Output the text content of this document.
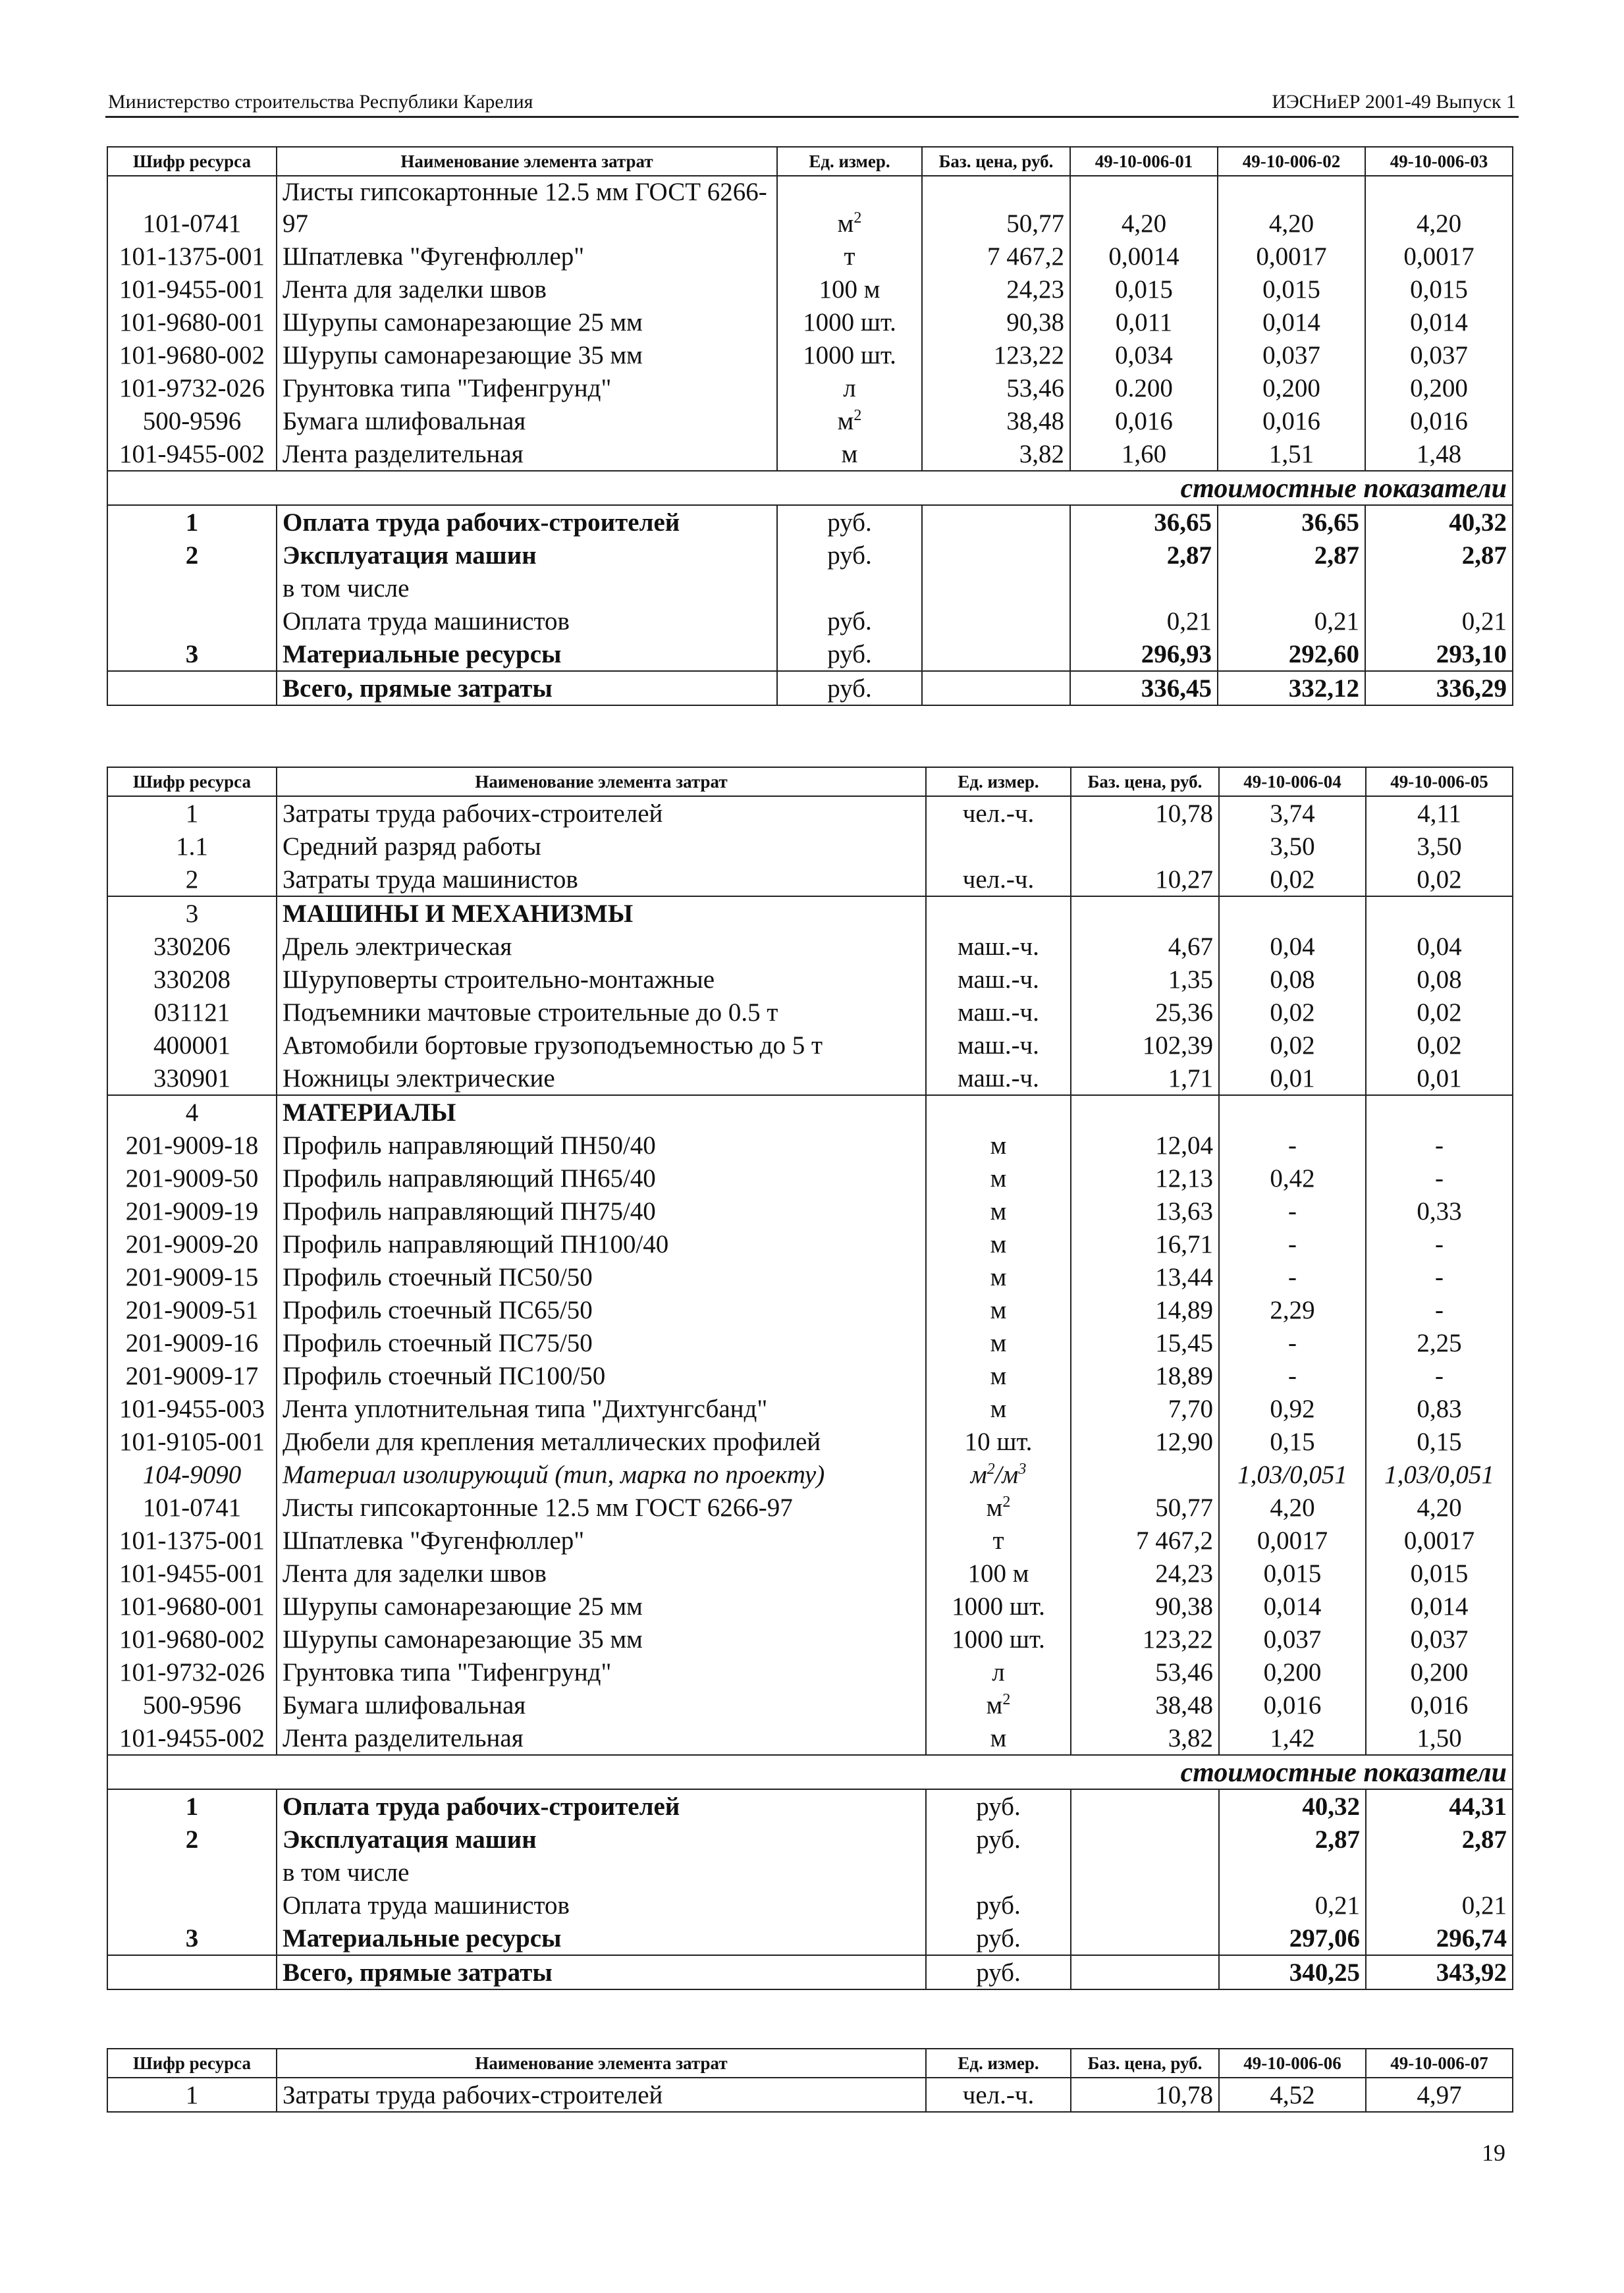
Министерство строительства Республики Карелия	ИЭСНиЕР 2001-49 Выпуск 1
Шифр ресурса	Наименование элемента затрат	Ед. измер.	Баз. цена, руб.	49-10-006-01	49-10-006-02	49-10-006-03
101-0741	Листы гипсокартонные 12.5 мм ГОСТ 6266-97	$м^2$	50,77	4,20	4,20	4,20
101-1375-001	Шпатлевка "Фугенфюллер"	т	7 467,2	0,0014	0,0017	0,0017
101-9455-001	Лента для заделки швов	100 м	24,23	0,015	0,015	0,015
101-9680-001	Шурупы самонарезающие 25 мм	1000 шт.	90,38	0,011	0,014	0,014
101-9680-002	Шурупы самонарезающие 35 мм	1000 шт.	123,22	0,034	0,037	0,037
101-9732-026	Грунтовка типа "Тифенгрунд"	л	53,46	0.200	0,200	0,200
500-9596	Бумага шлифовальная	$м^2$	38,48	0,016	0,016	0,016
101-9455-002	Лента разделительная	м	3,82	1,60	1,51	1,48
стоимостные показатели						
1	Оплата труда рабочих-строителей	руб.		36,65	36,65	40,32
2	Эксплуатация машин	руб.		2,87	2,87	2,87
	в том числе					
	Оплата труда машинистов	руб.		0,21	0,21	0,21
3	Материальные ресурсы	руб.		296,93	292,60	293,10
	Всего, прямые затраты	руб.		336,45	332,12	336,29
Шифр ресурса	Наименование элемента затрат	Ед. измер.	Баз. цена, руб.	49-10-006-04	49-10-006-05
1	Затраты труда рабочих-строителей	чел.-ч.	10,78	3,74	4,11
1.1	Средний разряд работы			3,50	3,50
2	Затраты труда машинистов	чел.-ч.	10,27	0,02	0,02
3	МАШИНЫ И МЕХАНИЗМЫ				
330206	Дрель электрическая	маш.-ч.	4,67	0,04	0,04
330208	Шуруповерты строительно-монтажные	маш.-ч.	1,35	0,08	0,08
031121	Подъемники мачтовые строительные до 0.5 т	маш.-ч.	25,36	0,02	0,02
400001	Автомобили бортовые грузоподъемностью до 5 т	маш.-ч.	102,39	0,02	0,02
330901	Ножницы электрические	маш.-ч.	1,71	0,01	0,01
4	МАТЕРИАЛЫ				
201-9009-18	Профиль направляющий ПН50/40	м	12,04	-	-
201-9009-50	Профиль направляющий ПН65/40	м	12,13	0,42	-
201-9009-19	Профиль направляющий ПН75/40	м	13,63	-	0,33
201-9009-20	Профиль направляющий ПН100/40	м	16,71	-	-
201-9009-15	Профиль стоечный ПС50/50	м	13,44	-	-
201-9009-51	Профиль стоечный ПС65/50	м	14,89	2,29	-
201-9009-16	Профиль стоечный ПС75/50	м	15,45	-	2,25
201-9009-17	Профиль стоечный ПС100/50	м	18,89	-	-
101-9455-003	Лента уплотнительная типа "Дихтунгсбанд"	м	7,70	0,92	0,83
101-9105-001	Дюбели для крепления металлических профилей	10 шт.	12,90	0,15	0,15
104-9090	Материал изолирующий (тип, марка по проекту)	$м^2/м^3$		1,03/0,051	1,03/0,051
101-0741	Листы гипсокартонные 12.5 мм ГОСТ 6266-97	$м^2$	50,77	4,20	4,20
101-1375-001	Шпатлевка "Фугенфюллер"	т	7 467,2	0,0017	0,0017
101-9455-001	Лента для заделки швов	100 м	24,23	0,015	0,015
101-9680-001	Шурупы самонарезающие 25 мм	1000 шт.	90,38	0,014	0,014
101-9680-002	Шурупы самонарезающие 35 мм	1000 шт.	123,22	0,037	0,037
101-9732-026	Грунтовка типа "Тифенгрунд"	л	53,46	0,200	0,200
500-9596	Бумага шлифовальная	$м^2$	38,48	0,016	0,016
101-9455-002	Лента разделительная	м	3,82	1,42	1,50
стоимостные показатели					
1	Оплата труда рабочих-строителей	руб.		40,32	44,31
2	Эксплуатация машин	руб.		2,87	2,87
	в том числе				
	Оплата труда машинистов	руб.		0,21	0,21
3	Материальные ресурсы	руб.		297,06	296,74
	Всего, прямые затраты	руб.		340,25	343,92
Шифр ресурса	Наименование элемента затрат	Ед. измер.	Баз. цена, руб.	49-10-006-06	49-10-006-07
1	Затраты труда рабочих-строителей	чел.-ч.	10,78	4,52	4,97
19
